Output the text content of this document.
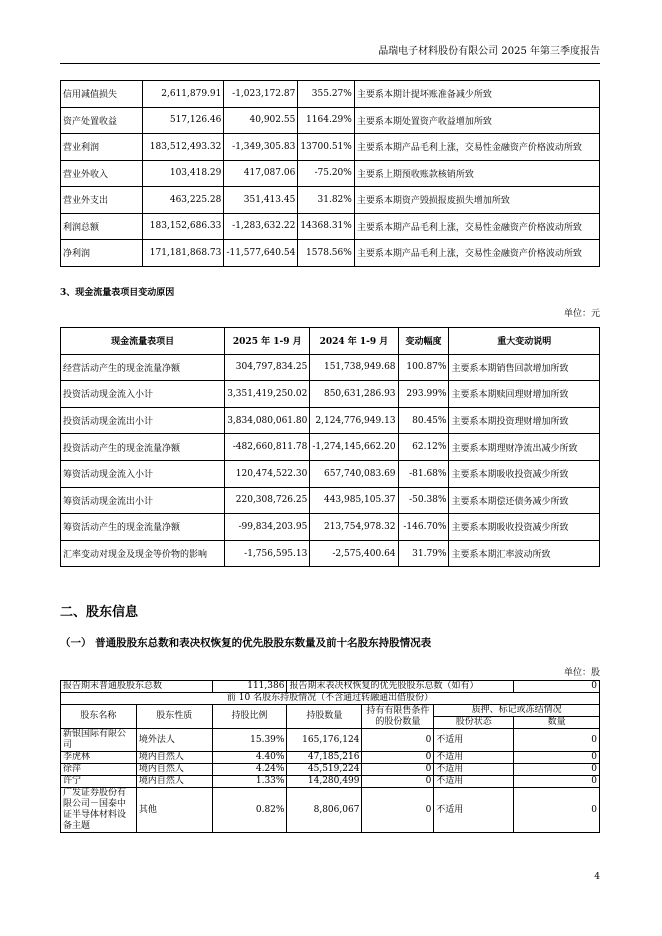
晶瑞电子材料股份有限公司 2025 年第三季度报告
信用减值损失	2,611,879.91	-1,023,172.87	355.27%	主要系本期计提坏账准备减少所致
资产处置收益	517,126.46	40,902.55	1164.29%	主要系本期处置资产收益增加所致
营业利润	183,512,493.32	-1,349,305.83	13700.51%	主要系本期产品毛利上涨，交易性金融资产价格波动所致
营业外收入	103,418.29	417,087.06	-75.20%	主要系上期预收账款核销所致
营业外支出	463,225.28	351,413.45	31.82%	主要系本期资产毁损报废损失增加所致
利润总额	183,152,686.33	-1,283,632.22	14368.31%	主要系本期产品毛利上涨，交易性金融资产价格波动所致
净利润	171,181,868.73	-11,577,640.54	1578.56%	主要系本期产品毛利上涨，交易性金融资产价格波动所致
3、现金流量表项目变动原因
单位：元
现金流量表项目	2025 年 1-9 月	2024 年 1-9 月	变动幅度	重大变动说明
经营活动产生的现金流量净额	304,797,834.25	151,738,949.68	100.87%	主要系本期销售回款增加所致
投资活动现金流入小计	3,351,419,250.02	850,631,286.93	293.99%	主要系本期赎回理财增加所致
投资活动现金流出小计	3,834,080,061.80	2,124,776,949.13	80.45%	主要系本期投资理财增加所致
投资活动产生的现金流量净额	-482,660,811.78	-1,274,145,662.20	62.12%	主要系本期理财净流出减少所致
筹资活动现金流入小计	120,474,522.30	657,740,083.69	-81.68%	主要系本期吸收投资减少所致
筹资活动现金流出小计	220,308,726.25	443,985,105.37	-50.38%	主要系本期偿还债务减少所致
筹资活动产生的现金流量净额	-99,834,203.95	213,754,978.32	-146.70%	主要系本期吸收投资减少所致
汇率变动对现金及现金等价物的影响	-1,756,595.13	-2,575,400.64	31.79%	主要系本期汇率波动所致
二、股东信息
（一） 普通股股东总数和表决权恢复的优先股股东数量及前十名股东持股情况表
单位：股
报告期末普通股股东总数		111,386	报告期末表决权恢复的优先股股东总数（如有）			0
前 10 名股东持股情况（不含通过转融通出借股份）						
股东名称	股东性质	持股比例	持股数量	持有有限售条件的股份数量	质押、标记或冻结情况	
					股份状态	数量
新银国际有限公司	境外法人	15.39%	165,176,124	0	不适用	0
李虎林	境内自然人	4.40%	47,185,216	0	不适用	0
徐萍	境内自然人	4.24%	45,519,224	0	不适用	0
许宁	境内自然人	1.33%	14,280,499	0	不适用	0
广发证券股份有限公司－国泰中证半导体材料设备主题	其他	0.82%	8,806,067	0	不适用	0
4
